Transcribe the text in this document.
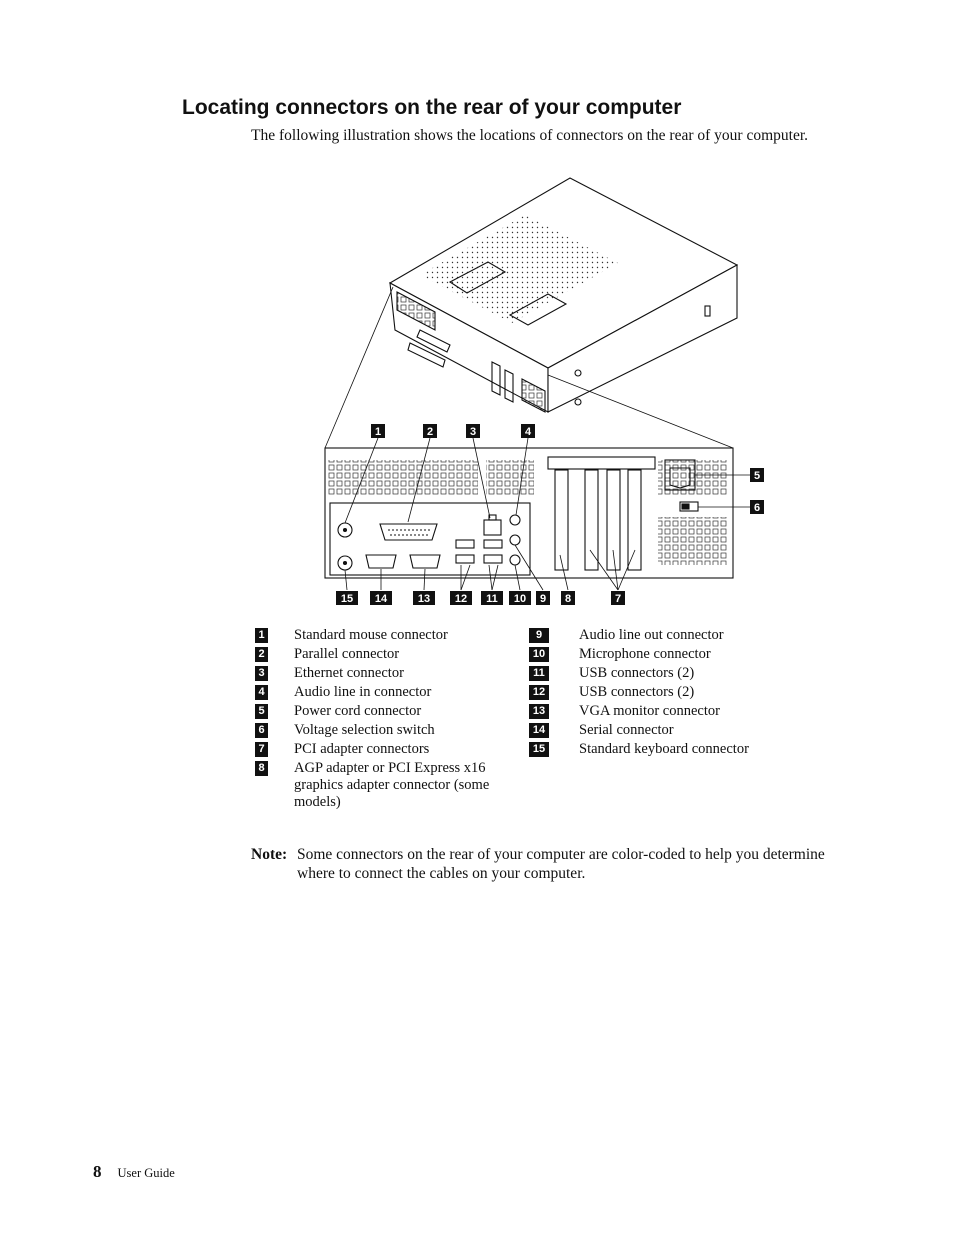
Locating connectors on the rear of your computer

The following illustration shows the locations of connectors on the rear of your computer.

1	2	3	4
5
6
7
8
9
10
11
12
13
14
15
1 Standard mouse connector
2 Parallel connector
3 Ethernet connector
4 Audio line in connector
5 Power cord connector
6 Voltage selection switch
7 PCI adapter connectors
8 AGP adapter or PCI Express x16 graphics adapter connector (some models)
9	Audio line out connector
10 Microphone connector
11 USB connectors (2)
12 USB connectors (2)
13 VGA monitor connector
14 Serial connector
15 Standard keyboard connector
Note: Some connectors on the rear of your computer are color-coded to help you determine where to connect the cables on your computer.
8 User Guide
